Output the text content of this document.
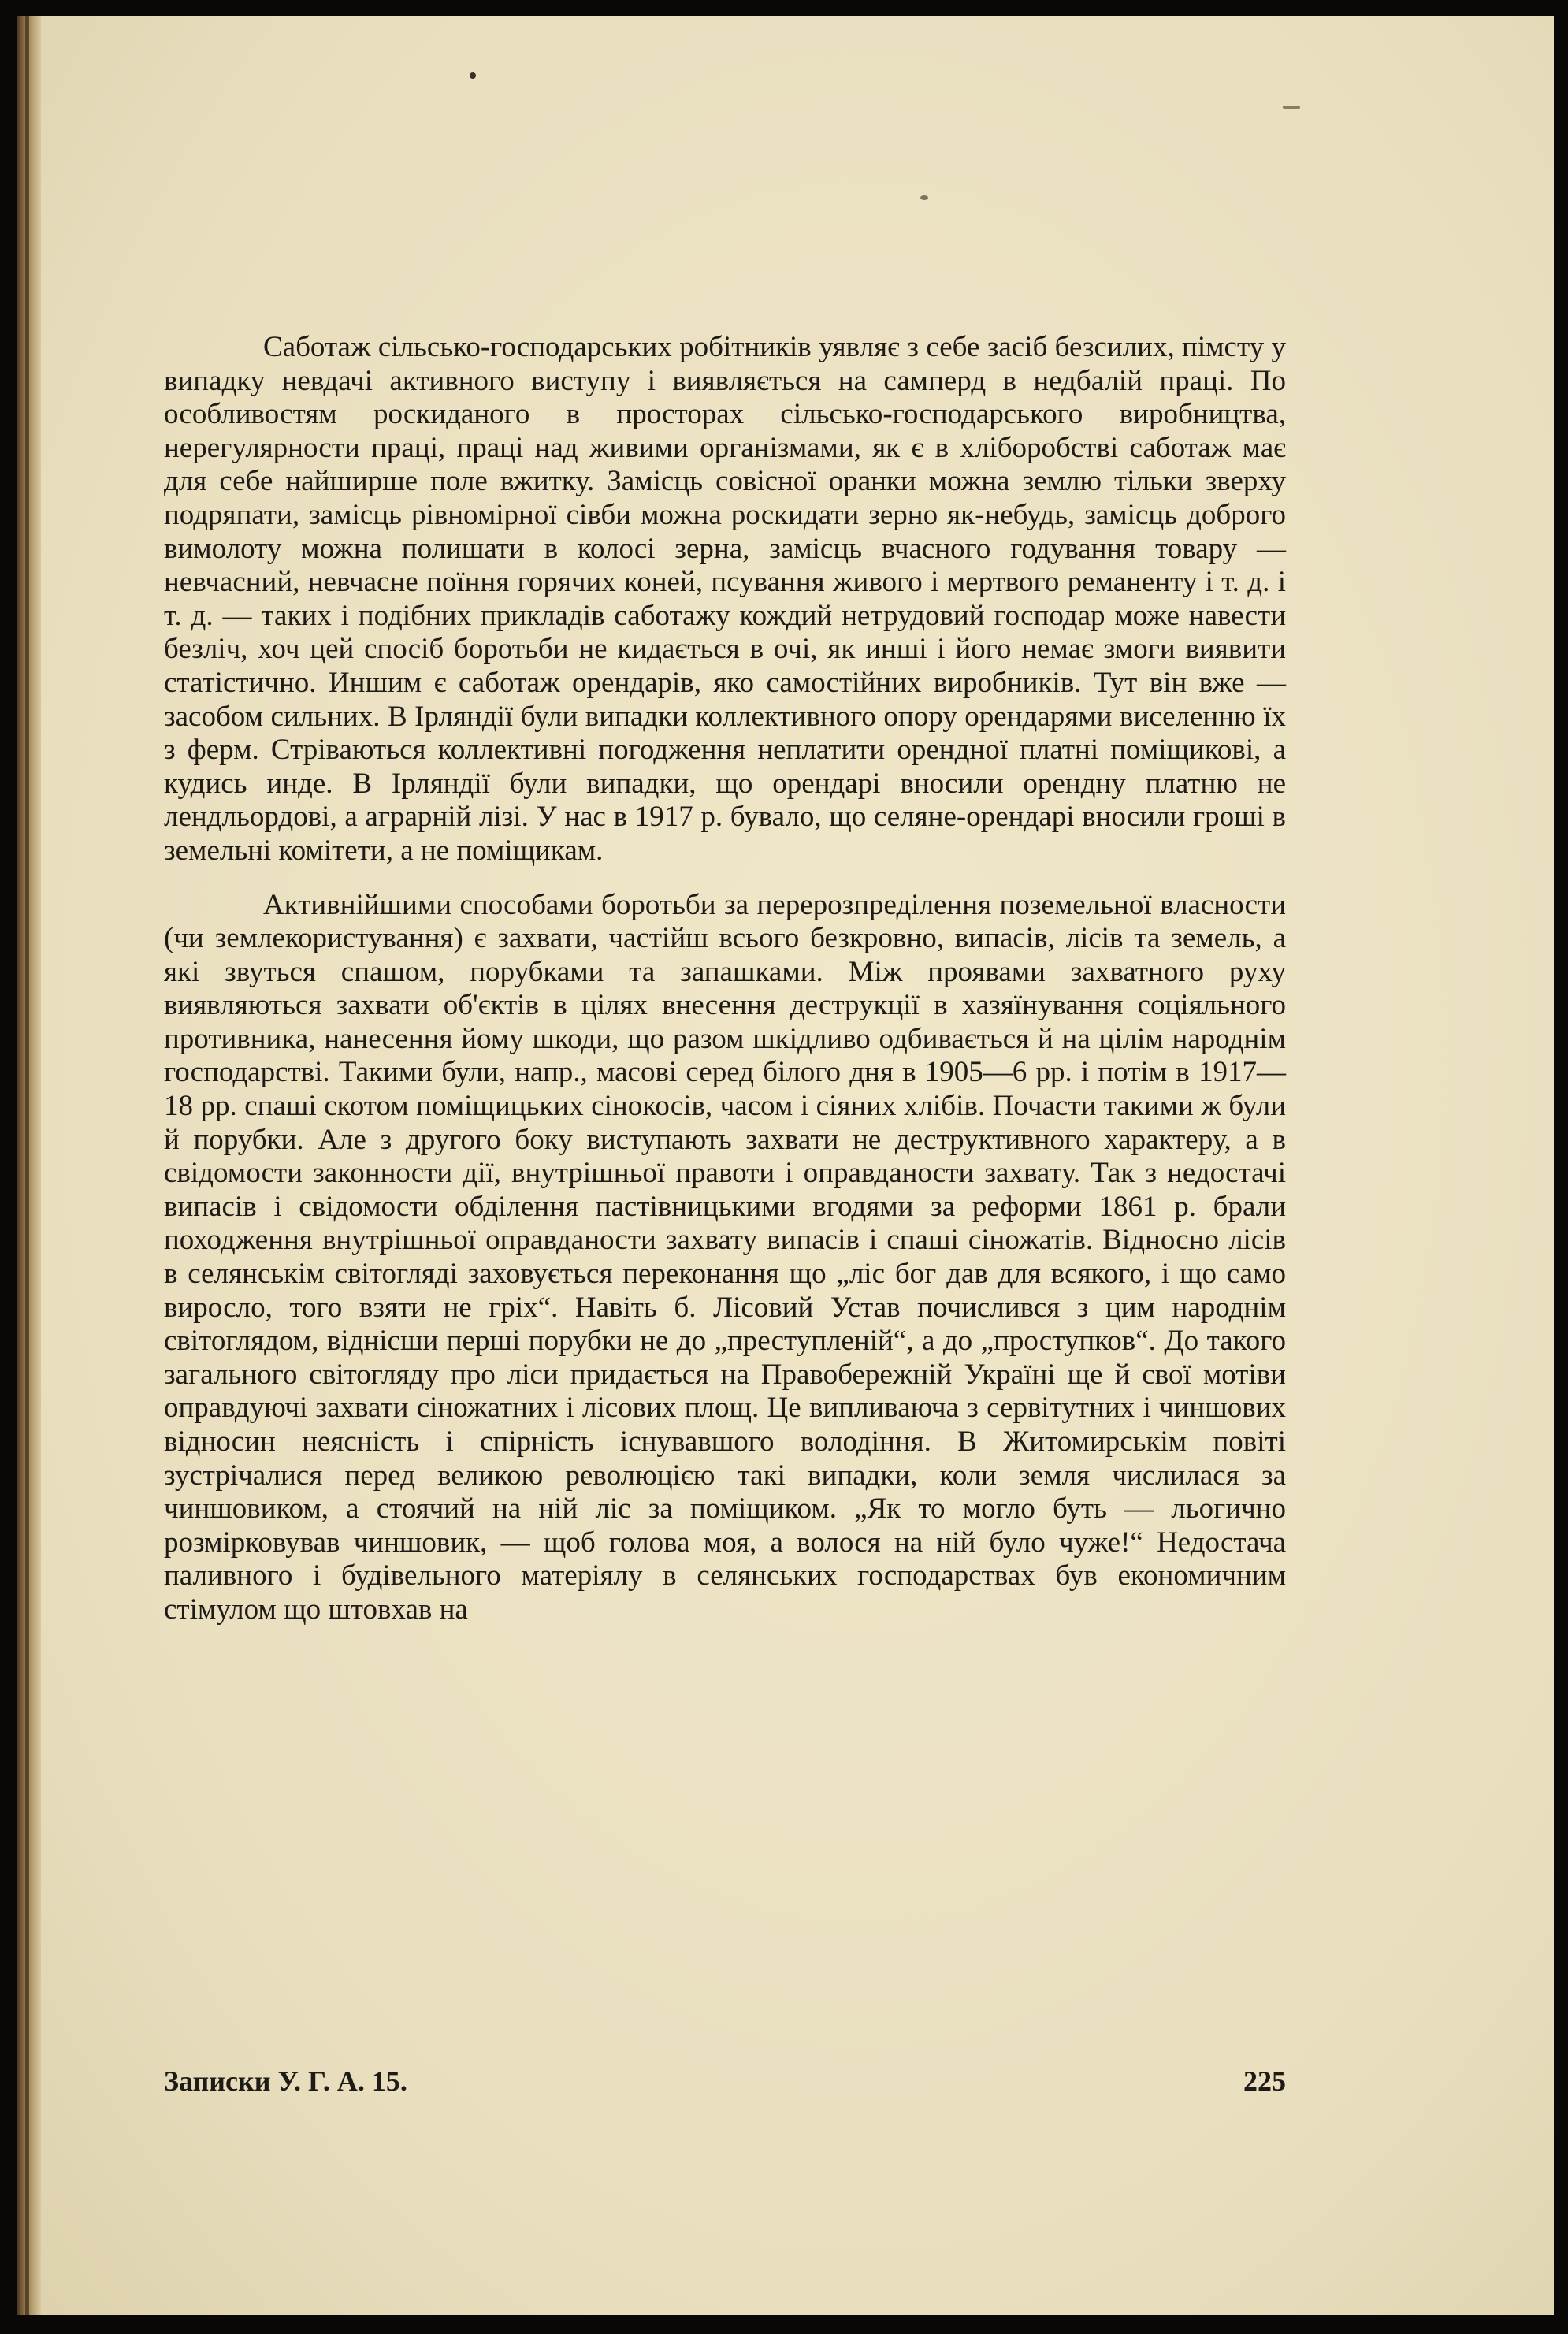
Саботаж сільсько-господарських робітників уявляє з себе засіб безсилих, пімсту у випадку невдачі активного виступу і виявляється на самперд в недбалій праці. По особливостям роскиданого в просторах сільсько-господарського виробництва, нерегулярности праці, праці над живими організмами, як є в хліборобстві саботаж має для себе найширше поле вжитку. Замісць совісної оранки можна землю тільки зверху подряпати, замісць рівномірної сівби можна роскидати зерно як-небудь, замісць доброго вимолоту можна полишати в колосі зерна, замісць вчасного годування товару — невчасний, невчасне поїння горячих коней, псування живого і мертвого реманенту і т. д. і т. д. — таких і подібних прикладів саботажу кождий нетрудовий господар може навести безліч, хоч цей спосіб боротьби не кидається в очі, як инші і його немає змоги виявити статістично. Иншим є саботаж орендарів, яко самостійних виробників. Тут він вже — засобом сильних. В Ірляндії були випадки коллективного опору орендарями виселенню їх з ферм. Стріваються коллективні погодження неплатити орендної платні поміщикові, а кудись инде. В Ірляндії були випадки, що орендарі вносили орендну платню не лендльордові, а аграрній лізі. У нас в 1917 р. бувало, що селяне-орендарі вносили гроші в земельні комітети, а не поміщикам.

Активнійшими способами боротьби за перерозпреділення поземельної власности (чи землекористування) є захвати, частійш всього безкровно, випасів, лісів та земель, а які звуться спашом, порубками та запашками. Між проявами захватного руху виявляються захвати об'єктів в цілях внесення деструкції в хазяїнування соціяльного противника, нанесення йому шкоди, що разом шкідливо одбивається й на цілім народнім господарстві. Такими були, напр., масові серед білого дня в 1905—6 рр. і потім в 1917—18 рр. спаші скотом поміщицьких сінокосів, часом і сіяних хлібів. Почасти такими ж були й порубки. Але з другого боку виступають захвати не деструктивного характеру, а в свідомости законности дії, внутрішньої правоти і оправданости захвату. Так з недостачі випасів і свідомости обділення пастівницькими вгодями за реформи 1861 р. брали походження внутрішньої оправданости захвату випасів і спаші сіножатів. Відносно лісів в селянськім світогляді заховується переконання що „ліс бог дав для всякого, і що само виросло, того взяти не гріх“. Навіть б. Лісовий Устав почислився з цим народнім світоглядом, віднісши перші порубки не до „преступленій“, а до „проступков“. До такого загального світогляду про ліси придається на Правобережній Україні ще й свої мотіви оправдуючі захвати сіножатних і лісових площ. Це випливаюча з сервітутних і чиншових відносин неясність і спірність існувавшого володіння. В Житомирськім повіті зустрічалися перед великою революцією такі випадки, коли земля числилася за чиншовиком, а стоячий на ній ліс за поміщиком. „Як то могло буть — льогично розмірковував чиншовик, — щоб голова моя, а волося на ній було чуже!“ Недостача паливного і будівельного матеріялу в селянських господарствах був економичним стімулом що штовхав на

Записки У. Г. А. 15.	225
